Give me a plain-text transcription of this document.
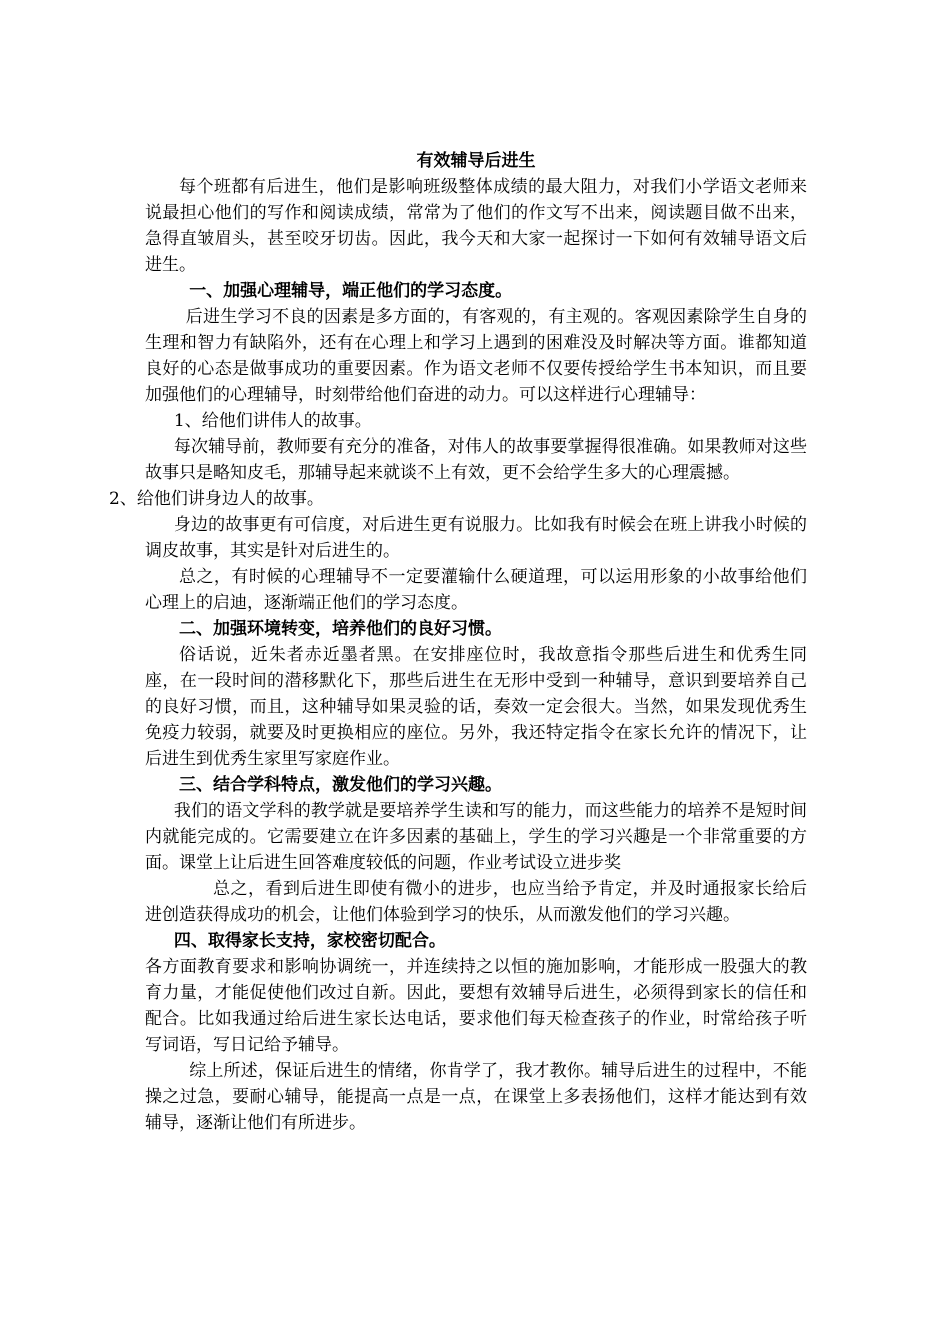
有效辅导后进生

每个班都有后进生，他们是影响班级整体成绩的最大阻力，对我们小学语文老师来说最担心他们的写作和阅读成绩，常常为了他们的作文写不出来，阅读题目做不出来，急得直皱眉头，甚至咬牙切齿。因此，我今天和大家一起探讨一下如何有效辅导语文后进生。

一、加强心理辅导，端正他们的学习态度。

后进生学习不良的因素是多方面的，有客观的，有主观的。客观因素除学生自身的生理和智力有缺陷外，还有在心理上和学习上遇到的困难没及时解决等方面。谁都知道良好的心态是做事成功的重要因素。作为语文老师不仅要传授给学生书本知识，而且要加强他们的心理辅导，时刻带给他们奋进的动力。可以这样进行心理辅导：

1、给他们讲伟人的故事。

每次辅导前，教师要有充分的准备，对伟人的故事要掌握得很准确。如果教师对这些故事只是略知皮毛，那辅导起来就谈不上有效，更不会给学生多大的心理震撼。

2、给他们讲身边人的故事。

身边的故事更有可信度，对后进生更有说服力。比如我有时候会在班上讲我小时候的调皮故事，其实是针对后进生的。

总之，有时候的心理辅导不一定要灌输什么硬道理，可以运用形象的小故事给他们心理上的启迪，逐渐端正他们的学习态度。

二、加强环境转变，培养他们的良好习惯。

俗话说，近朱者赤近墨者黑。在安排座位时，我故意指令那些后进生和优秀生同座，在一段时间的潜移默化下，那些后进生在无形中受到一种辅导，意识到要培养自己的良好习惯，而且，这种辅导如果灵验的话，奏效一定会很大。当然，如果发现优秀生免疫力较弱，就要及时更换相应的座位。另外，我还特定指令在家长允许的情况下，让后进生到优秀生家里写家庭作业。

三、结合学科特点，激发他们的学习兴趣。

我们的语文学科的教学就是要培养学生读和写的能力，而这些能力的培养不是短时间内就能完成的。它需要建立在许多因素的基础上，学生的学习兴趣是一个非常重要的方面。课堂上让后进生回答难度较低的问题，作业考试设立进步奖

总之，看到后进生即使有微小的进步，也应当给予肯定，并及时通报家长给后进创造获得成功的机会，让他们体验到学习的快乐，从而激发他们的学习兴趣。

四、取得家长支持，家校密切配合。

各方面教育要求和影响协调统一，并连续持之以恒的施加影响，才能形成一股强大的教育力量，才能促使他们改过自新。因此，要想有效辅导后进生，必须得到家长的信任和配合。比如我通过给后进生家长达电话，要求他们每天检查孩子的作业，时常给孩子听写词语，写日记给予辅导。

综上所述，保证后进生的情绪，你肯学了，我才教你。辅导后进生的过程中，不能操之过急，要耐心辅导，能提高一点是一点，在课堂上多表扬他们，这样才能达到有效辅导，逐渐让他们有所进步。
